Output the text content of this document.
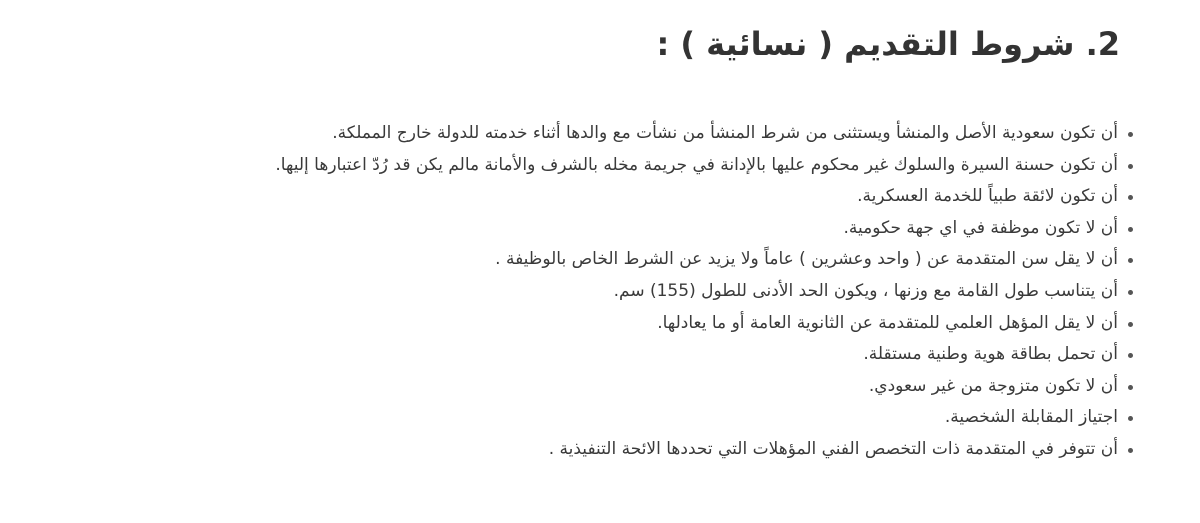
2. شروط التقديم ( نسائية ) :
أن تكون سعودية الأصل والمنشأ ويستثنى من شرط المنشأ من نشأت مع والدها أثناء خدمته للدولة خارج المملكة.
أن تكون حسنة السيرة والسلوك غير محكوم عليها بالإدانة في جريمة مخله بالشرف والأمانة مالم يكن قد رُدّ اعتبارها إليها.
أن تكون لائقة طبياً للخدمة العسكرية.
أن لا تكون موظفة في اي جهة حكومية.
أن لا يقل سن المتقدمة عن ( واحد وعشرين ) عاماً ولا يزيد عن الشرط الخاص بالوظيفة .
أن يتناسب طول القامة مع وزنها ، ويكون الحد الأدنى للطول (155) سم.
أن لا يقل المؤهل العلمي للمتقدمة عن الثانوية العامة أو ما يعادلها.
أن تحمل بطاقة هوية وطنية مستقلة.
أن لا تكون متزوجة من غير سعودي.
اجتياز المقابلة الشخصية.
أن تتوفر في المتقدمة ذات التخصص الفني المؤهلات التي تحددها الائحة التنفيذية .
